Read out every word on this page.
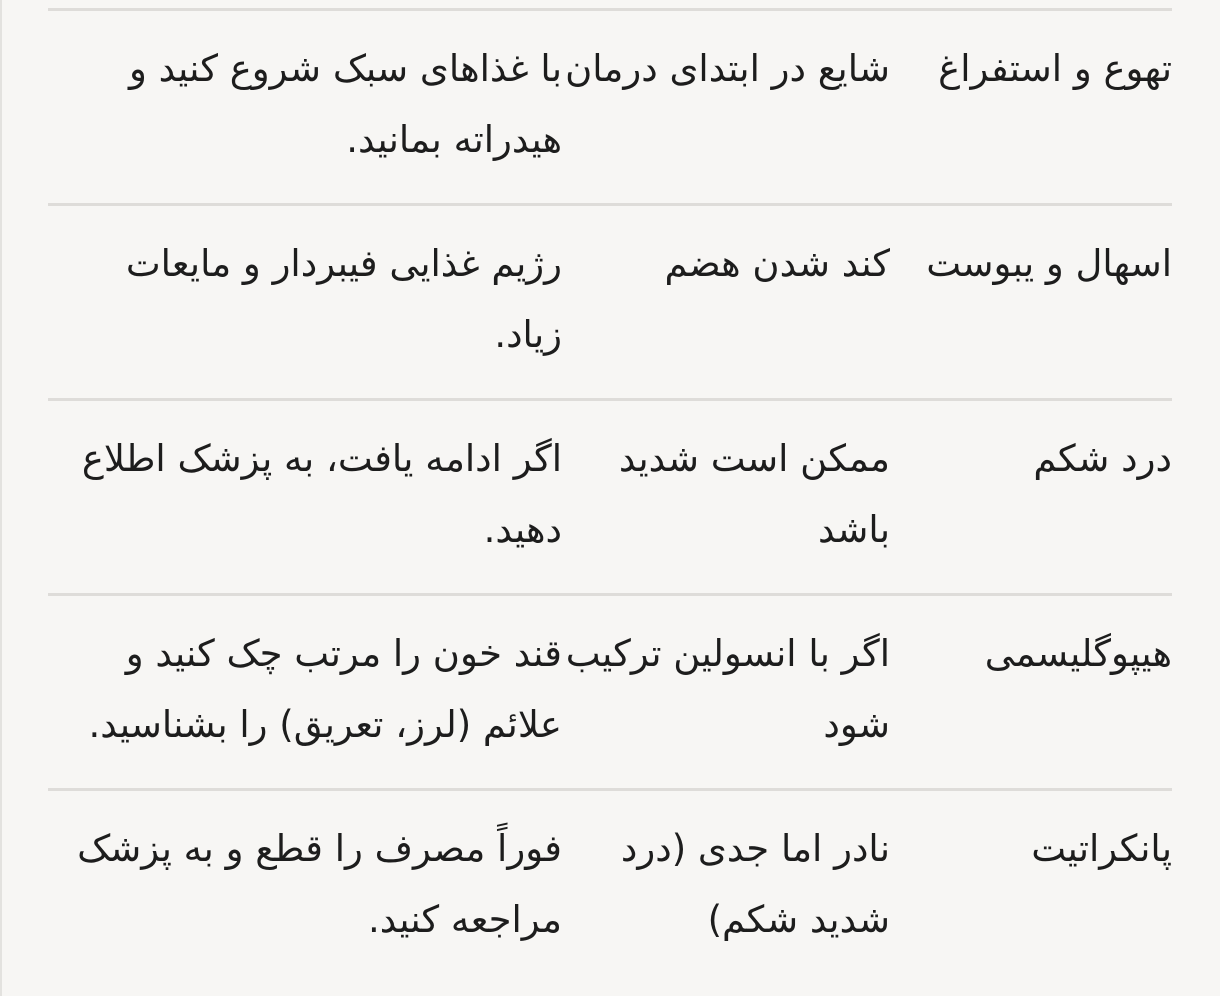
تهوع و استفراغ	شایع در ابتدای درمان	با غذاهای سبک شروع کنید و هیدراته بمانید.
اسهال و یبوست	کند شدن هضم	رژیم غذایی فیبردار و مایعات زیاد.
درد شکم	ممکن است شدید باشد	اگر ادامه یافت، به پزشک اطلاع دهید.
هیپوگلیسمی	اگر با انسولین ترکیب شود	قند خون را مرتب چک کنید و علائم (لرز، تعریق) را بشناسید.
پانکراتیت	نادر اما جدی (درد شدید شکم)	فوراً مصرف را قطع و به پزشک مراجعه کنید.
